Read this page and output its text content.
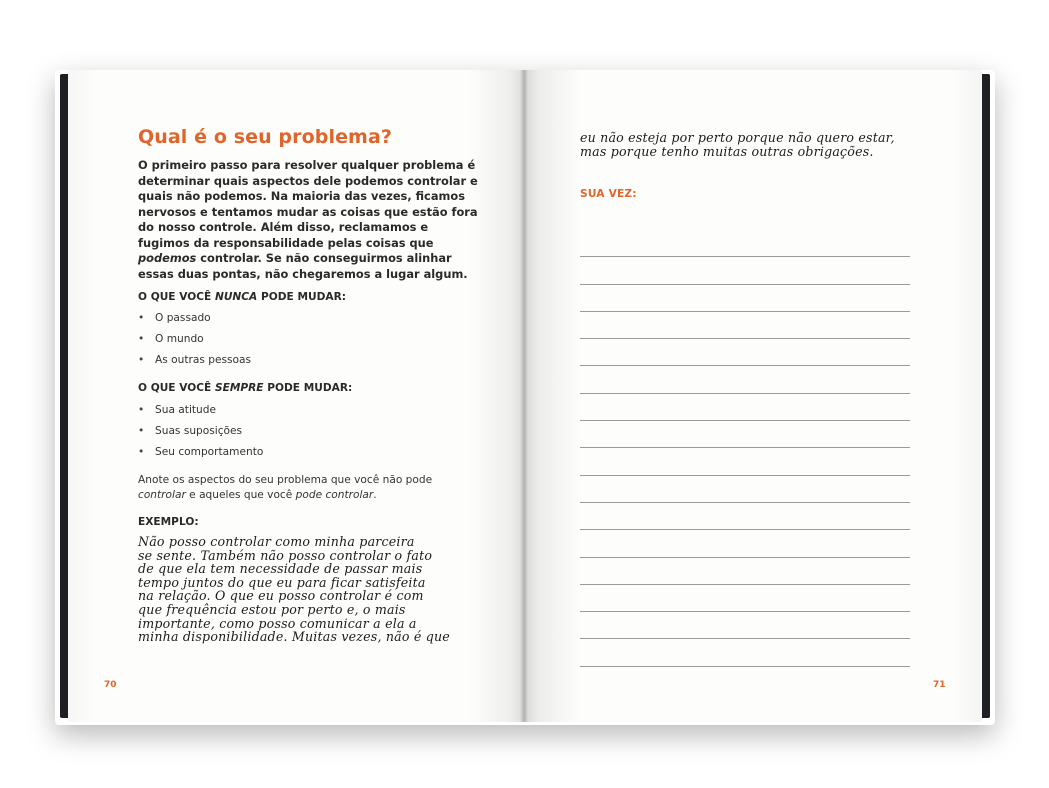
Qual é o seu problema?

O primeiro passo para resolver qualquer problema é determinar quais aspectos dele podemos controlar e quais não podemos. Na maioria das vezes, ficamos nervosos e tentamos mudar as coisas que estão fora do nosso controle. Além disso, reclamamos e fugimos da responsabilidade pelas coisas que podemos controlar. Se não conseguirmos alinhar essas duas pontas, não chegaremos a lugar algum.

O QUE VOCÊ NUNCA PODE MUDAR:

• O passado
• O mundo
• As outras pessoas

O QUE VOCÊ SEMPRE PODE MUDAR:

• Sua atitude
• Suas suposições
• Seu comportamento

Anote os aspectos do seu problema que você não pode controlar e aqueles que você pode controlar.

EXEMPLO:

Não posso controlar como minha parceira
se sente. Também não posso controlar o fato
de que ela tem necessidade de passar mais
tempo juntos do que eu para ficar satisfeita
na relação. O que eu posso controlar é com
que frequência estou por perto e, o mais
importante, como posso comunicar a ela a
minha disponibilidade. Muitas vezes, não é que

70

eu não esteja por perto porque não quero estar,
mas porque tenho muitas outras obrigações.

SUA VEZ:

71
